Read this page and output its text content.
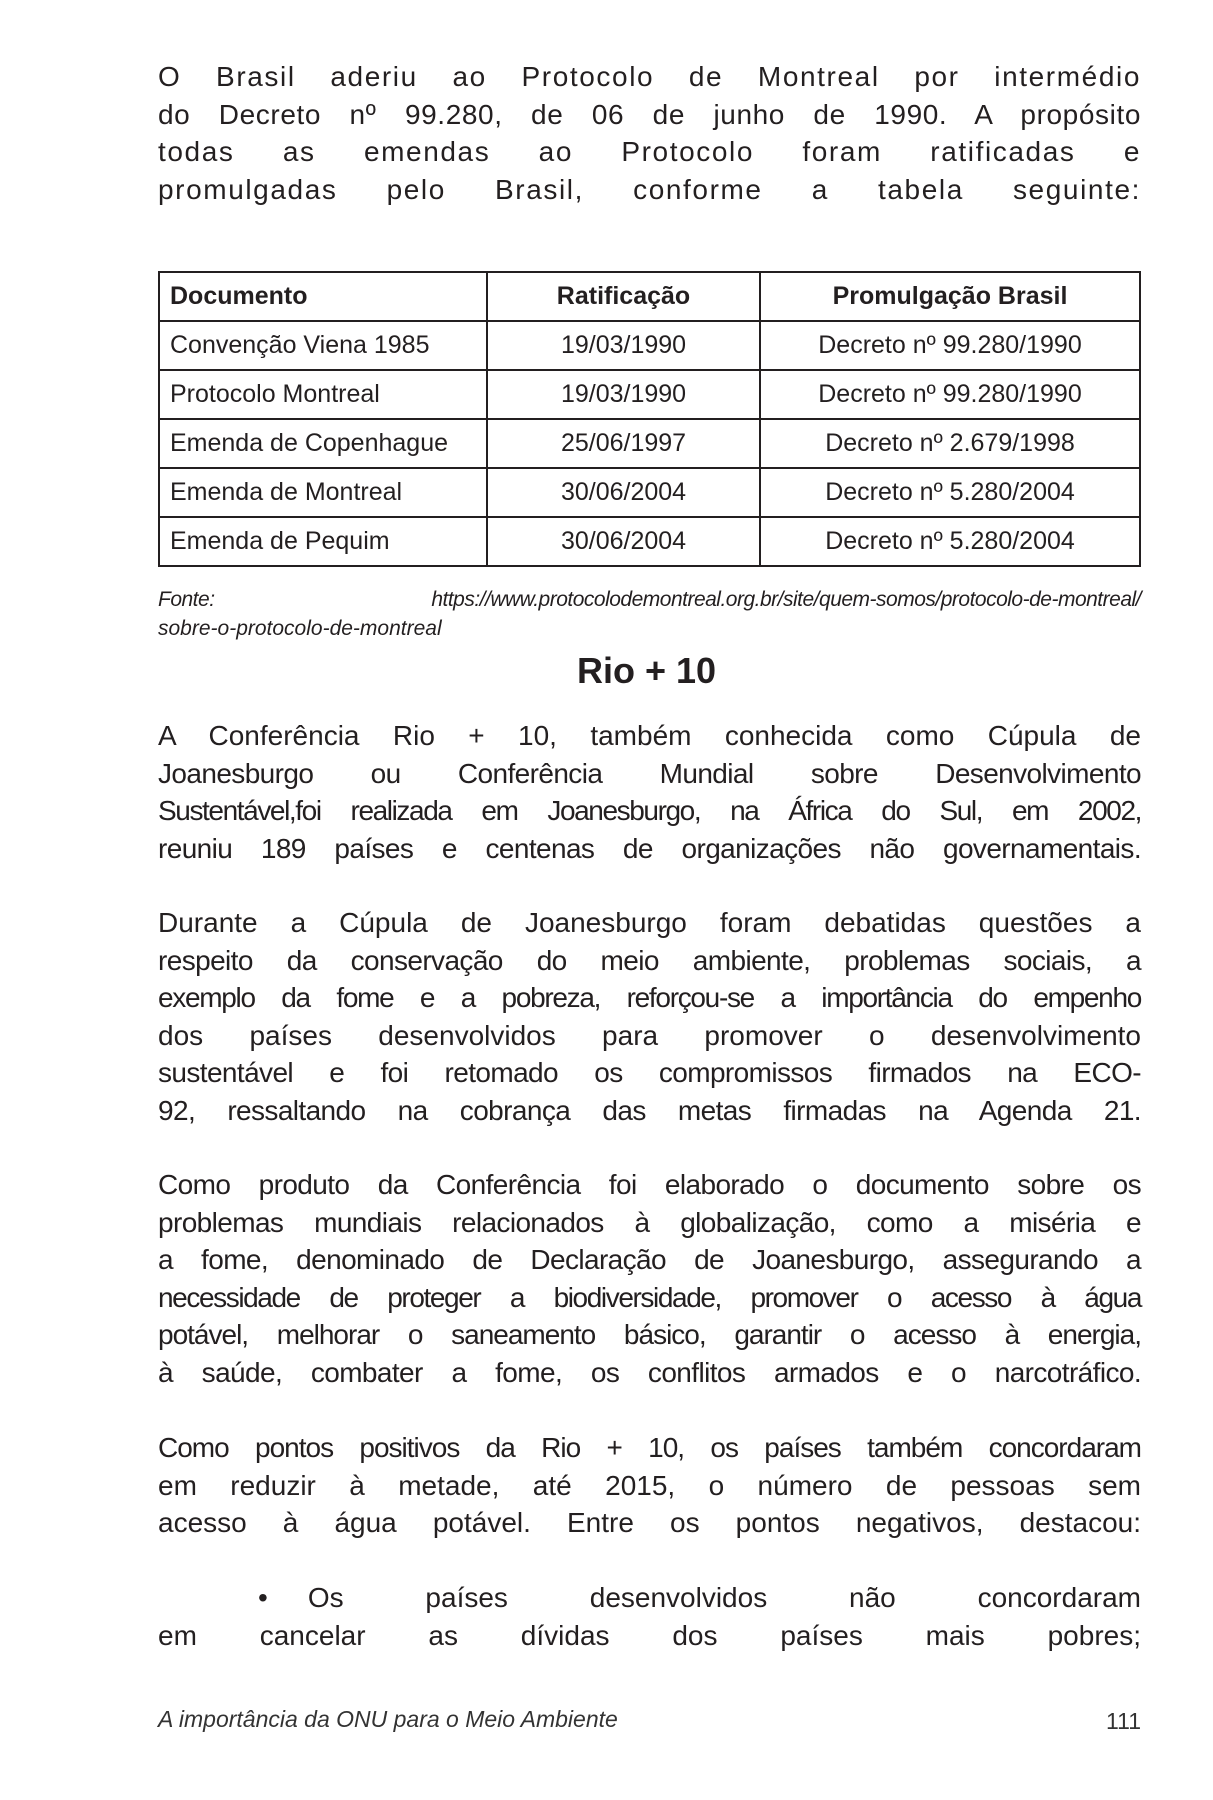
O Brasil aderiu ao Protocolo de Montreal por intermédio
do Decreto nº 99.280, de 06 de junho de 1990. A propósito
todas as emendas ao Protocolo foram ratificadas e
promulgadas pelo Brasil, conforme a tabela seguinte:
Documento	Ratificação	Promulgação Brasil
Convenção Viena 1985	19/03/1990	Decreto nº 99.280/1990
Protocolo Montreal	19/03/1990	Decreto nº 99.280/1990
Emenda de Copenhague	25/06/1997	Decreto nº 2.679/1998
Emenda de Montreal	30/06/2004	Decreto nº 5.280/2004
Emenda de Pequim	30/06/2004	Decreto nº 5.280/2004
Fonte: https://www.protocolodemontreal.org.br/site/quem-somos/protocolo-de-montreal/
sobre-o-protocolo-de-montreal
Rio + 10
A Conferência Rio + 10, também conhecida como Cúpula de
Joanesburgo ou Conferência Mundial sobre Desenvolvimento
Sustentável,foi realizada em Joanesburgo, na África do Sul, em 2002,
reuniu 189 países e centenas de organizações não governamentais.
Durante a Cúpula de Joanesburgo foram debatidas questões a
respeito da conservação do meio ambiente, problemas sociais, a
exemplo da fome e a pobreza, reforçou-se a importância do empenho
dos países desenvolvidos para promover o desenvolvimento
sustentável e foi retomado os compromissos firmados na ECO-
92, ressaltando na cobrança das metas firmadas na Agenda 21.
Como produto da Conferência foi elaborado o documento sobre os
problemas mundiais relacionados à globalização, como a miséria e
a fome, denominado de Declaração de Joanesburgo, assegurando a
necessidade de proteger a biodiversidade, promover o acesso à água
potável, melhorar o saneamento básico, garantir o acesso à energia,
à saúde, combater a fome, os conflitos armados e o narcotráfico.
Como pontos positivos da Rio + 10, os países também concordaram
em reduzir à metade, até 2015, o número de pessoas sem
acesso à água potável. Entre os pontos negativos, destacou:
• Os países desenvolvidos não concordaram
em cancelar as dívidas dos países mais pobres;
A importância da ONU para o Meio Ambiente	111
